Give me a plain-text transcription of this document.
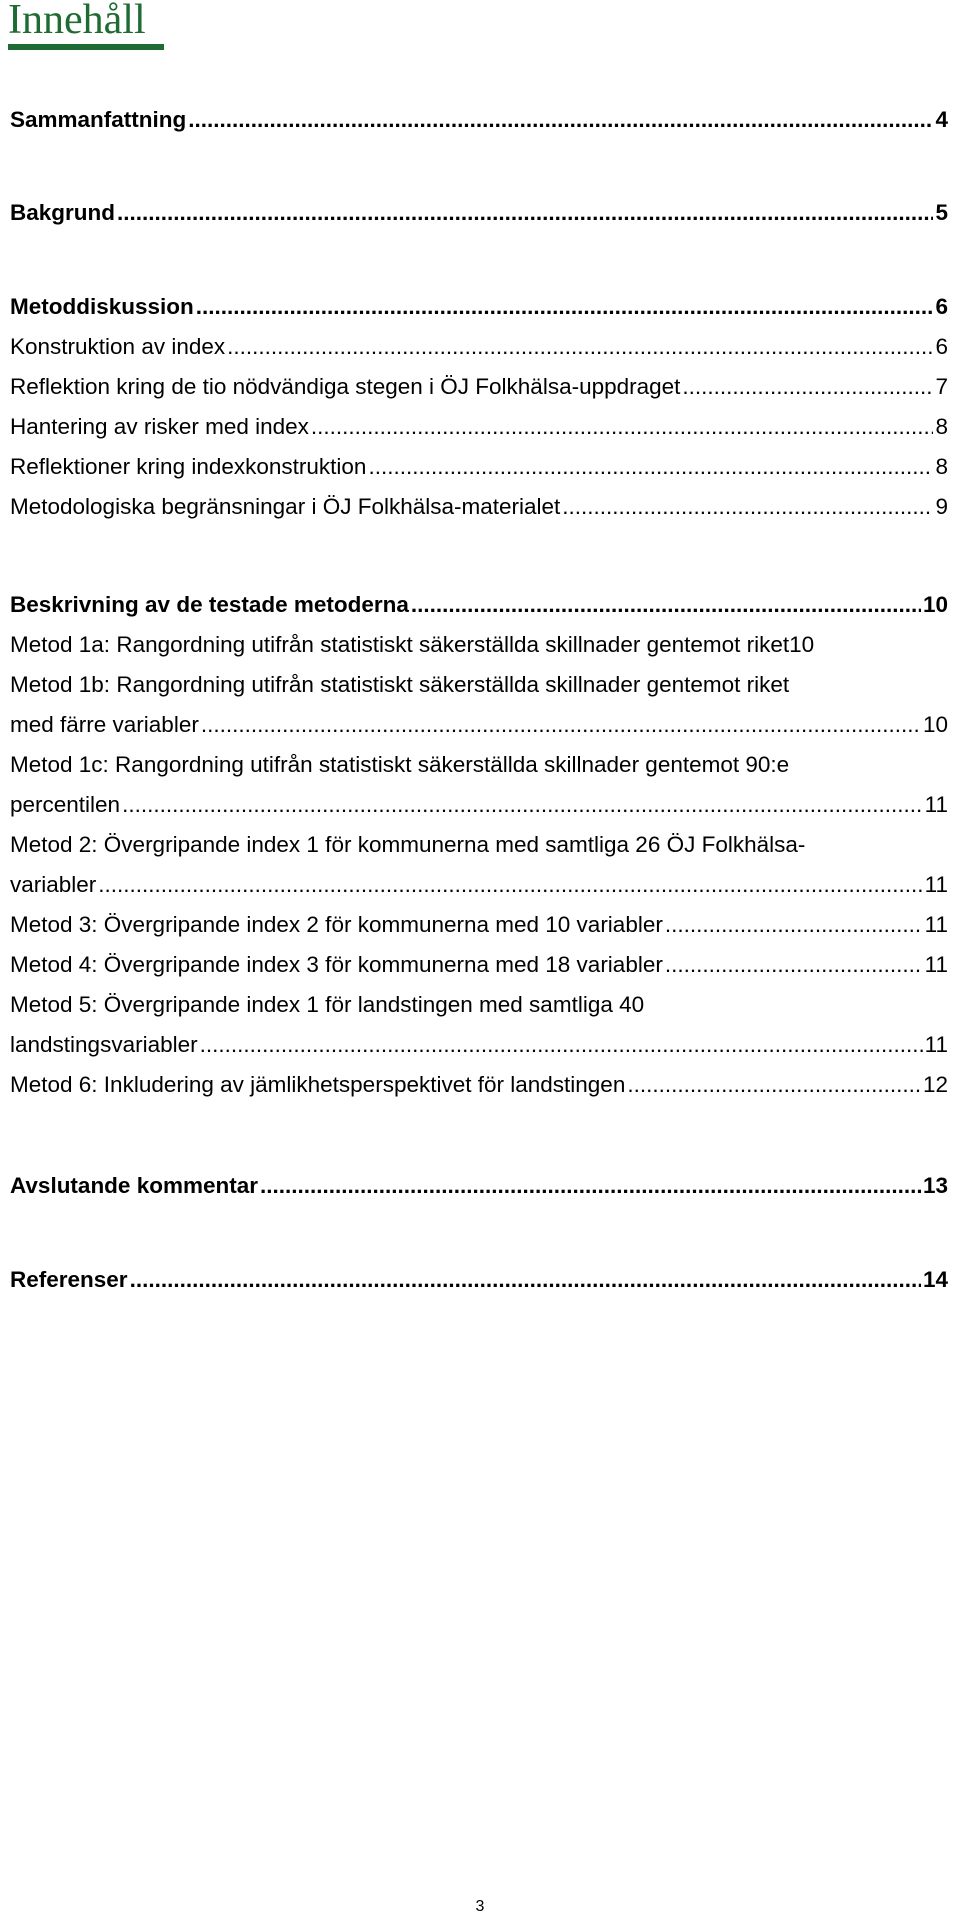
Innehåll
Sammanfattning .....	4
Bakgrund .....	5
Metoddiskussion .....	6
Konstruktion av index .....	6
Reflektion kring de tio nödvändiga stegen i ÖJ Folkhälsa-uppdraget .....	7
Hantering av risker med index .....	8
Reflektioner kring indexkonstruktion .....	8
Metodologiska begränsningar i ÖJ Folkhälsa-materialet .....	9
Beskrivning av de testade metoderna .....	10
Metod 1a: Rangordning utifrån statistiskt säkerställda skillnader gentemot riket 10
Metod 1b: Rangordning utifrån statistiskt säkerställda skillnader gentemot riket
med färre variabler .....	10
Metod 1c: Rangordning utifrån statistiskt säkerställda skillnader gentemot 90:e
percentilen .....	11
Metod 2: Övergripande index 1 för kommunerna med samtliga 26 ÖJ Folkhälsa-
variabler .....	11
Metod 3: Övergripande index 2 för kommunerna med 10 variabler .....	11
Metod 4: Övergripande index 3 för kommunerna med 18 variabler .....	11
Metod 5: Övergripande index 1 för landstingen med samtliga 40
landstingsvariabler .....	11
Metod 6: Inkludering av jämlikhetsperspektivet för landstingen .....	12
Avslutande kommentar .....	13
Referenser .....	14
3
